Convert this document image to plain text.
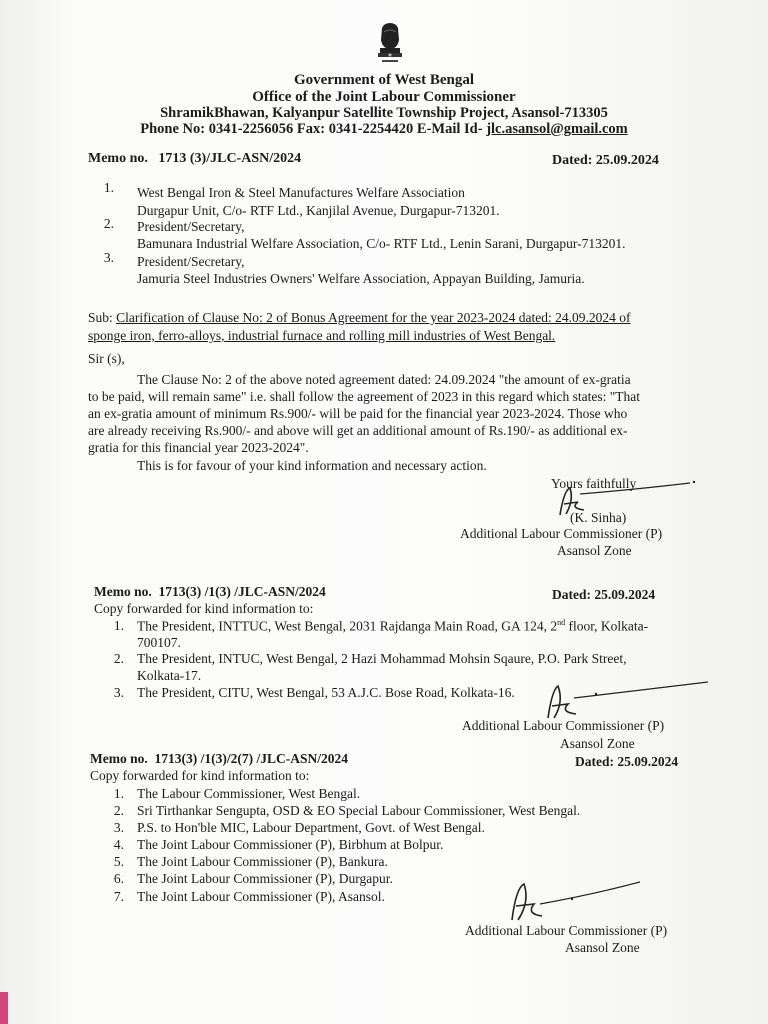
Government of West Bengal
Office of the Joint Labour Commissioner
ShramikBhawan, Kalyanpur Satellite Township Project, Asansol-713305
Phone No: 0341-2256056 Fax: 0341-2254420 E-Mail Id- jlc.asansol@gmail.com
Memo no. 1713 (3)/JLC-ASN/2024	Dated: 25.09.2024
1. West Bengal Iron & Steel Manufactures Welfare Association
Durgapur Unit, C/o- RTF Ltd., Kanjilal Avenue, Durgapur-713201.
2. President/Secretary,
Bamunara Industrial Welfare Association, C/o- RTF Ltd., Lenin Sarani, Durgapur-713201.
3. President/Secretary,
Jamuria Steel Industries Owners' Welfare Association, Appayan Building, Jamuria.
Sub: Clarification of Clause No: 2 of Bonus Agreement for the year 2023-2024 dated: 24.09.2024 of
sponge iron, ferro-alloys, industrial furnace and rolling mill industries of West Bengal.
Sir (s),
The Clause No: 2 of the above noted agreement dated: 24.09.2024 "the amount of ex-gratia
to be paid, will remain same" i.e. shall follow the agreement of 2023 in this regard which states: "That
an ex-gratia amount of minimum Rs.900/- will be paid for the financial year 2023-2024. Those who
are already receiving Rs.900/- and above will get an additional amount of Rs.190/- as additional ex-
gratia for this financial year 2023-2024".
This is for favour of your kind information and necessary action.
Yours faithfully
(K. Sinha)
Additional Labour Commissioner (P)
Asansol Zone
Memo no. 1713(3) /1(3) /JLC-ASN/2024	Dated: 25.09.2024
Copy forwarded for kind information to:
1. The President, INTTUC, West Bengal, 2031 Rajdanga Main Road, GA 124, 2nd floor, Kolkata-
700107.
2. The President, INTUC, West Bengal, 2 Hazi Mohammad Mohsin Sqaure, P.O. Park Street,
Kolkata-17.
3. The President, CITU, West Bengal, 53 A.J.C. Bose Road, Kolkata-16.
Additional Labour Commissioner (P)
Asansol Zone
Memo no. 1713(3) /1(3)/2(7) /JLC-ASN/2024	Dated: 25.09.2024
Copy forwarded for kind information to:
1. The Labour Commissioner, West Bengal.
2. Sri Tirthankar Sengupta, OSD & EO Special Labour Commissioner, West Bengal.
3. P.S. to Hon'ble MIC, Labour Department, Govt. of West Bengal.
4. The Joint Labour Commissioner (P), Birbhum at Bolpur.
5. The Joint Labour Commissioner (P), Bankura.
6. The Joint Labour Commissioner (P), Durgapur.
7. The Joint Labour Commissioner (P), Asansol.
Additional Labour Commissioner (P)
Asansol Zone
